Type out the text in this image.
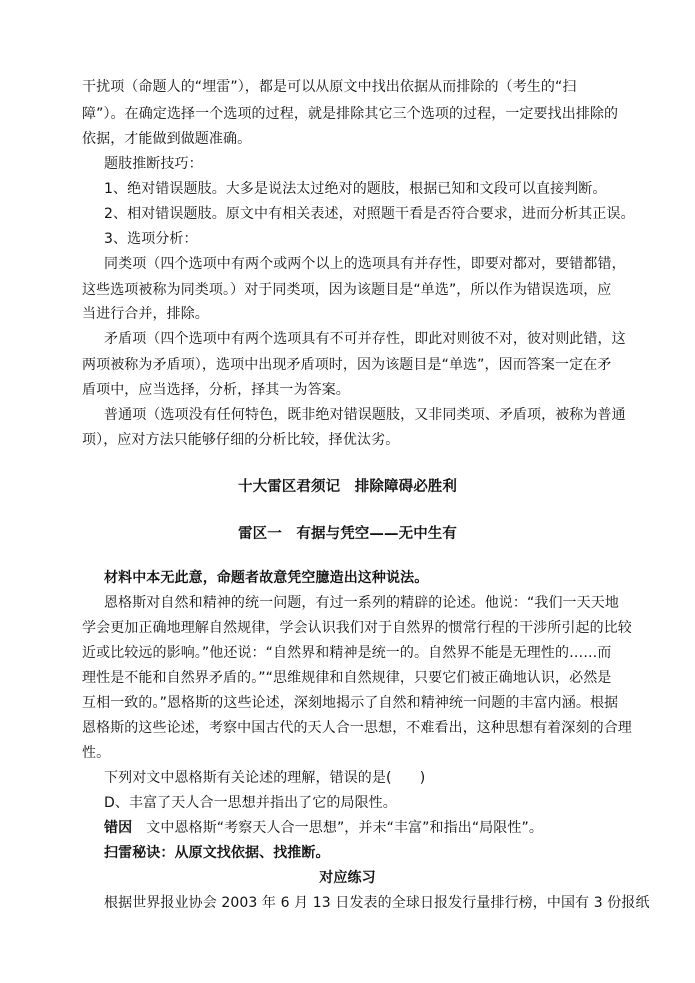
干扰项（命题人的“埋雷”），都是可以从原文中找出依据从而排除的（考生的“扫
障”）。在确定选择一个选项的过程，就是排除其它三个选项的过程，一定要找出排除的
依据，才能做到做题准确。
题肢推断技巧：
1、绝对错误题肢。大多是说法太过绝对的题肢，根据已知和文段可以直接判断。
2、相对错误题肢。原文中有相关表述，对照题干看是否符合要求，进而分析其正误。
3、选项分析：
同类项（四个选项中有两个或两个以上的选项具有并存性，即要对都对，要错都错，
这些选项被称为同类项。）对于同类项，因为该题目是“单选”，所以作为错误选项，应
当进行合并，排除。
矛盾项（四个选项中有两个选项具有不可并存性，即此对则彼不对，彼对则此错，这
两项被称为矛盾项），选项中出现矛盾项时，因为该题目是“单选”，因而答案一定在矛
盾项中，应当选择，分析，择其一为答案。
普通项（选项没有任何特色，既非绝对错误题肢，又非同类项、矛盾项，被称为普通
项），应对方法只能够仔细的分析比较，择优汰劣。
十大雷区君须记　排除障碍必胜利
雷区一　有据与凭空——无中生有
材料中本无此意，命题者故意凭空臆造出这种说法。
恩格斯对自然和精神的统一问题，有过一系列的精辟的论述。他说：“我们一天天地
学会更加正确地理解自然规律，学会认识我们对于自然界的惯常行程的干涉所引起的比较
近或比较远的影响。”他还说：“自然界和精神是统一的。自然界不能是无理性的……而
理性是不能和自然界矛盾的。”“思维规律和自然规律，只要它们被正确地认识，必然是
互相一致的。”恩格斯的这些论述，深刻地揭示了自然和精神统一问题的丰富内涵。根据
恩格斯的这些论述，考察中国古代的天人合一思想，不难看出，这种思想有着深刻的合理
性。
下列对文中恩格斯有关论述的理解，错误的是(　　)
D、丰富了天人合一思想并指出了它的局限性。
错因　文中恩格斯“考察天人合一思想”，并未“丰富”和指出“局限性”。
扫雷秘诀：从原文找依据、找推断。
对应练习
根据世界报业协会 2003 年 6 月 13 日发表的全球日报发行量排行榜，中国有 3 份报纸
